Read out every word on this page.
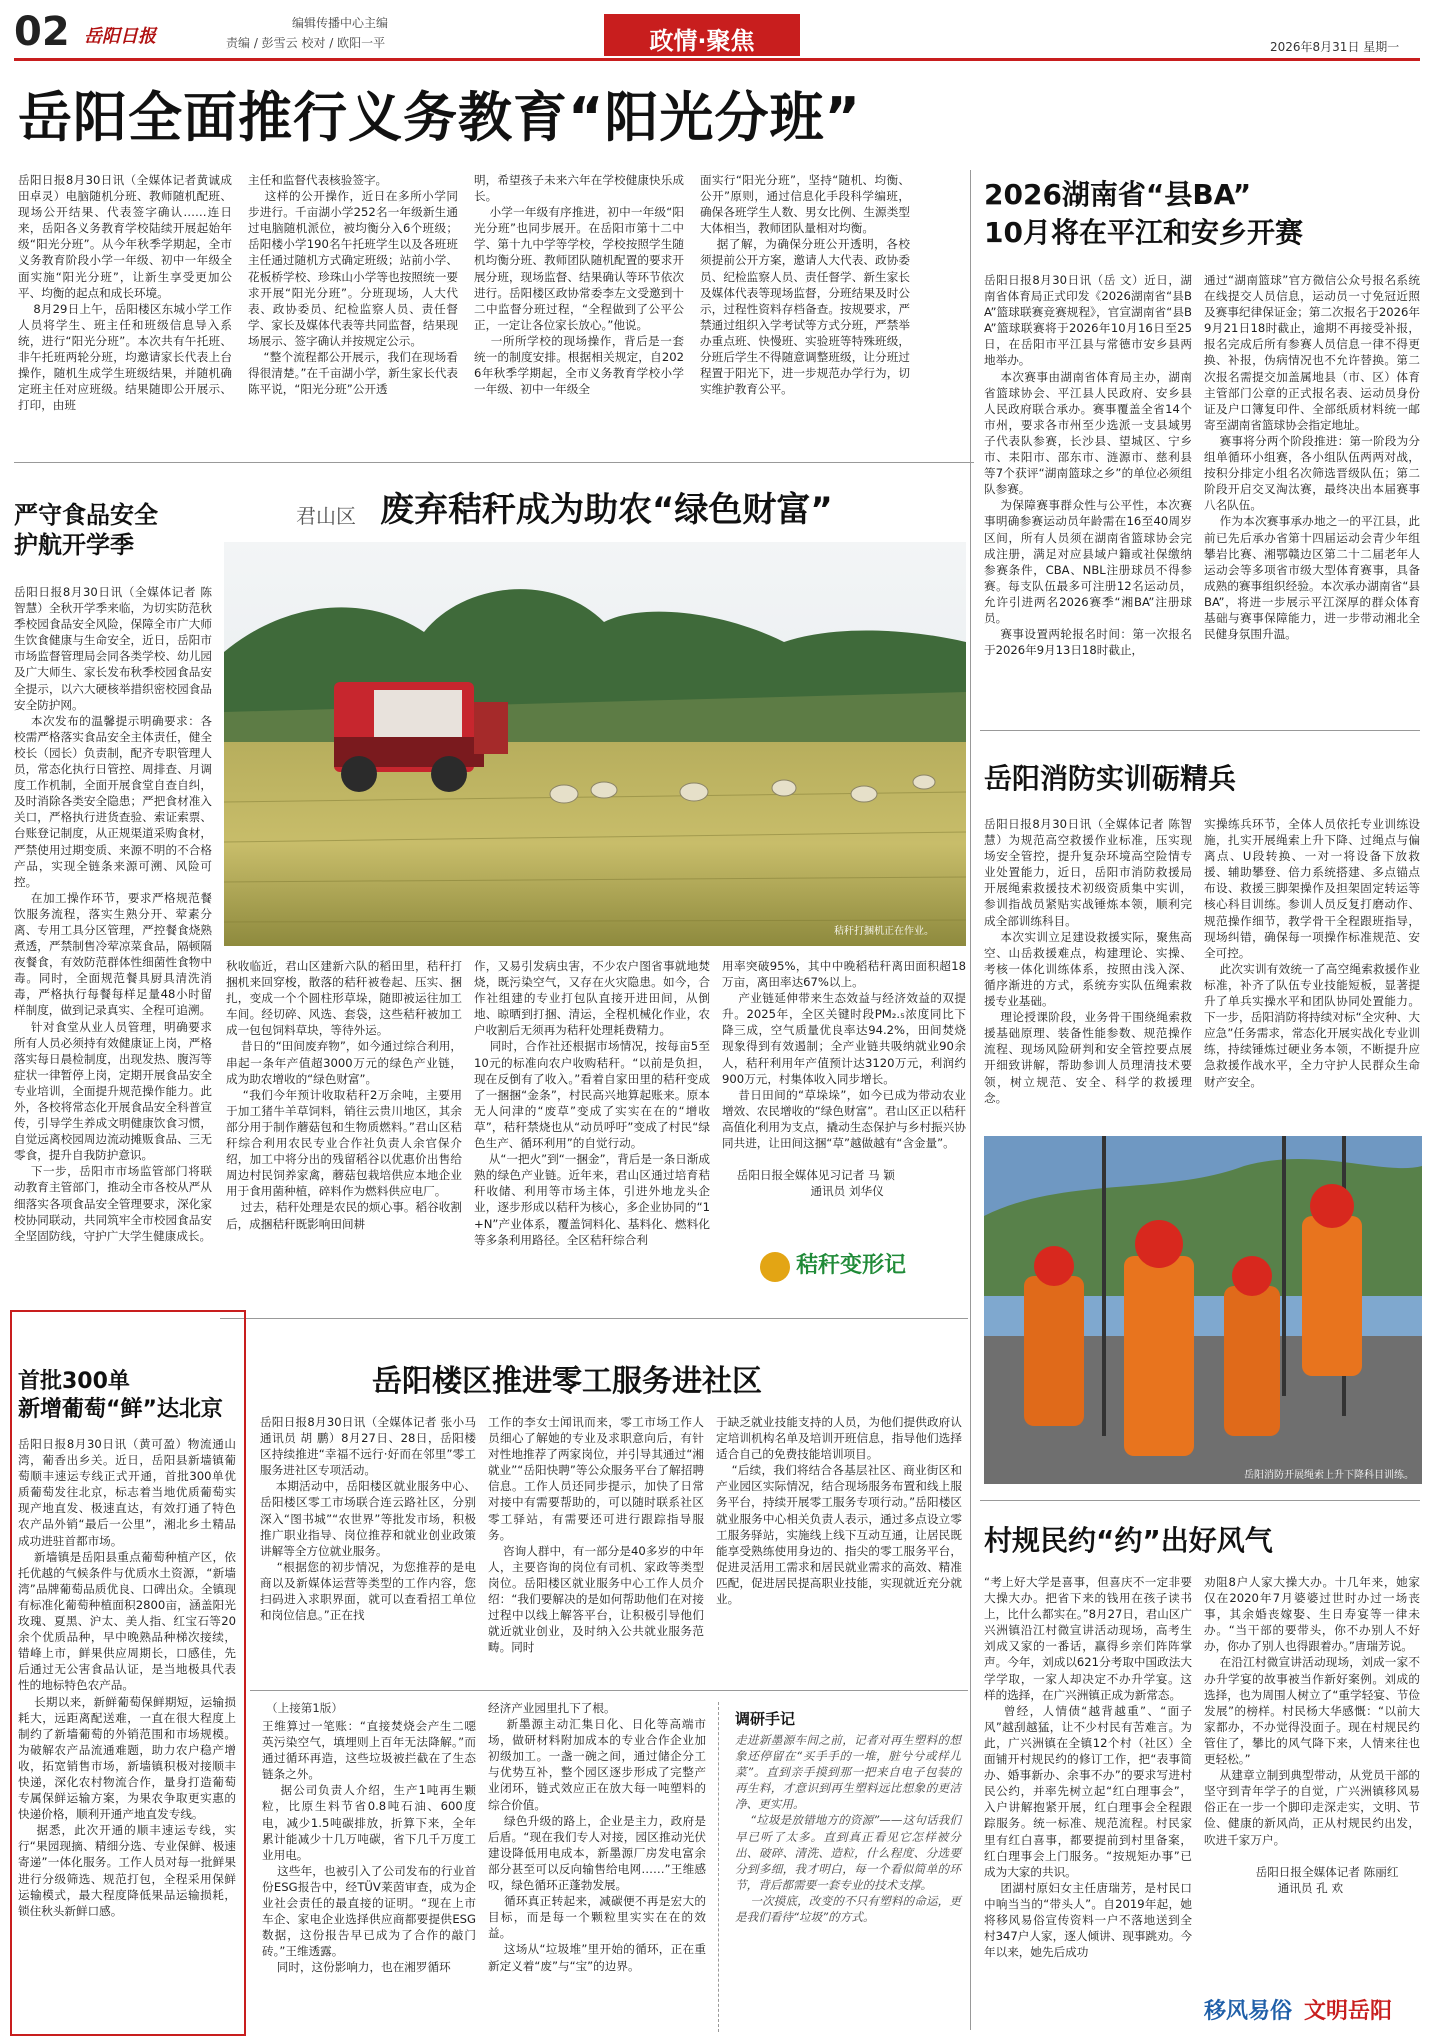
02 岳阳日报
编辑传播中心主编
责编 / 彭雪云 校对 / 欧阳一平	政情·聚焦	2026年8月31日 星期一
岳阳全面推行义务教育“阳光分班”
岳阳日报8月30日讯（全媒体记者黄诚成 田卓灵）电脑随机分班、教师随机配班、现场公开结果、代表签字确认……连日来，岳阳各义务教育学校陆续开展起始年级“阳光分班”。从今年秋季学期起，全市义务教育阶段小学一年级、初中一年级全面实施“阳光分班”，让新生享受更加公平、均衡的起点和成长环境。
8月29日上午，岳阳楼区东城小学工作人员将学生、班主任和班级信息导入系统，进行“阳光分班”。本次共有午托班、非午托班两轮分班，均邀请家长代表上台操作，随机生成学生班级结果，并随机确定班主任对应班级。结果随即公开展示、打印，由班
主任和监督代表核验签字。
这样的公开操作，近日在多所小学同步进行。千亩湖小学252名一年级新生通过电脑随机派位，被均衡分入6个班级；岳阳楼小学190名午托班学生以及各班班主任通过随机方式确定班级；站前小学、花板桥学校、珍珠山小学等也按照统一要求开展“阳光分班”。分班现场，人大代表、政协委员、纪检监察人员、责任督学、家长及媒体代表等共同监督，结果现场展示、签字确认并按规定公示。
“整个流程都公开展示，我们在现场看得很清楚。”在千亩湖小学，新生家长代表陈平说，“阳光分班”公开透
明，希望孩子未来六年在学校健康快乐成长。
小学一年级有序推进，初中一年级“阳光分班”也同步展开。在岳阳市第十二中学、第十九中学等学校，学校按照学生随机均衡分班、教师团队随机配置的要求开展分班，现场监督、结果确认等环节依次进行。岳阳楼区政协常委李左文受邀到十二中监督分班过程，“全程做到了公平公正，一定让各位家长放心。”他说。
一所所学校的现场操作，背后是一套统一的制度安排。根据相关规定，自2026年秋季学期起，全市义务教育学校小学一年级、初中一年级全
面实行“阳光分班”，坚持“随机、均衡、公开”原则，通过信息化手段科学编班，确保各班学生人数、男女比例、生源类型大体相当，教师团队量相对均衡。
据了解，为确保分班公开透明，各校须提前公开方案，邀请人大代表、政协委员、纪检监察人员、责任督学、新生家长及媒体代表等现场监督，分班结果及时公示，过程性资料存档备查。按规要求，严禁通过组织入学考试等方式分班，严禁举办重点班、快慢班、实验班等特殊班级，分班后学生不得随意调整班级，让分班过程置于阳光下，进一步规范办学行为，切实维护教育公平。
君山区 废弃秸秆成为助农“绿色财富”
秸秆打捆机正在作业。
秋收临近，君山区建新六队的稻田里，秸秆打捆机来回穿梭，散落的秸秆被卷起、压实、捆扎，变成一个个圆柱形草垛，随即被运往加工车间。经切碎、风选、套袋，这些秸秆被加工成一包包饲料草块，等待外运。
昔日的“田间废弃物”，如今通过综合利用，串起一条年产值超3000万元的绿色产业链，成为助农增收的“绿色财富”。
“我们今年预计收取秸秆2万余吨，主要用于加工猪牛羊草饲料，销往云贵川地区，其余部分用于制作蘑菇包和生物质燃料。”君山区秸秆综合利用农民专业合作社负责人余官保介绍，加工中将分出的残留稻谷以优惠价出售给周边村民饲养家禽，蘑菇包栽培供应本地企业用于食用菌种植，碎料作为燃料供应电厂。
过去，秸秆处理是农民的烦心事。稻谷收割后，成捆秸秆既影响田间耕
作，又易引发病虫害，不少农户图省事就地焚烧，既污染空气，又存在火灾隐患。如今，合作社组建的专业打包队直接开进田间，从倒地、晾晒到打捆、清运，全程机械化作业，农户收割后无须再为秸秆处理耗费精力。
同时，合作社还根据市场情况，按每亩5至10元的标准向农户收购秸秆。“以前是负担，现在反倒有了收入。”看着自家田里的秸秆变成了一捆捆“金条”，村民高兴地算起账来。原本无人问津的“废草”变成了实实在在的“增收草”，秸秆禁烧也从“动员呼吁”变成了村民“绿色生产、循环利用”的自觉行动。
从“一把火”到“一捆金”，背后是一条日渐成熟的绿色产业链。近年来，君山区通过培育秸秆收储、利用等市场主体，引进外地龙头企业，逐步形成以秸秆为核心，多企业协同的“1+N”产业体系，覆盖饲料化、基料化、燃料化等多条利用路径。全区秸秆综合利
用率突破95%，其中中晚稻秸秆离田面积超18万亩，离田率达67%以上。
产业链延伸带来生态效益与经济效益的双提升。2025年，全区关键时段PM₂.₅浓度同比下降三成，空气质量优良率达94.2%，田间焚烧现象得到有效遏制；全产业链共吸纳就业90余人，秸秆利用年产值预计达3120万元，利润约900万元，村集体收入同步增长。
昔日田间的“草垛垛”，如今已成为带动农业增效、农民增收的“绿色财富”。君山区正以秸秆高值化利用为支点，撬动生态保护与乡村振兴协同共进，让田间这捆“草”越做越有“含金量”。

岳阳日报全媒体见习记者 马 颖
通讯员 刘华仪
秸秆变形记
严守食品安全
护航开学季
岳阳日报8月30日讯（全媒体记者 陈智慧）全秋开学季来临，为切实防范秋季校园食品安全风险，保障全市广大师生饮食健康与生命安全，近日，岳阳市市场监督管理局会同各类学校、幼儿园及广大师生、家长发布秋季校园食品安全提示，以六大硬核举措织密校园食品安全防护网。
本次发布的温馨提示明确要求：各校需严格落实食品安全主体责任，健全校长（园长）负责制，配齐专职管理人员，常态化执行日管控、周排查、月调度工作机制，全面开展食堂自查自纠，及时消除各类安全隐患；严把食材准入关口，严格执行进货查验、索证索票、台账登记制度，从正规渠道采购食材，严禁使用过期变质、来源不明的不合格产品，实现全链条来源可溯、风险可控。
在加工操作环节，要求严格规范餐饮服务流程，落实生熟分开、荤素分离、专用工具分区管理，严控餐食烧熟煮透，严禁制售冷荤凉菜食品，隔顿隔夜餐食，有效防范群体性细菌性食物中毒。同时，全面规范餐具厨具清洗消毒，严格执行每餐每样足量48小时留样制度，做到记录真实、全程可追溯。
针对食堂从业人员管理，明确要求所有人员必须持有效健康证上岗，严格落实每日晨检制度，出现发热、腹泻等症状一律暂停上岗，定期开展食品安全专业培训，全面提升规范操作能力。此外，各校将常态化开展食品安全科普宣传，引导学生养成文明健康饮食习惯，自觉远离校园周边流动摊贩食品、三无零食，提升自我防护意识。
下一步，岳阳市市场监管部门将联动教育主管部门，推动全市各校从严从细落实各项食品安全管理要求，深化家校协同联动，共同筑牢全市校园食品安全坚固防线，守护广大学生健康成长。
首批300单
新增葡萄“鲜”达北京
岳阳日报8月30日讯（黄可盈）物流通山湾，葡香出乡关。近日，岳阳县新墙镇葡萄顺丰速运专线正式开通，首批300单优质葡萄发往北京，标志着当地优质葡萄实现产地直发、极速直达，有效打通了特色农产品外销“最后一公里”，湘北乡土精品成功进驻首都市场。
新墙镇是岳阳县重点葡萄种植产区，依托优越的气候条件与优质水土资源，“新墙湾”品牌葡萄品质优良、口碑出众。全镇现有标准化葡萄种植面积2800亩，涵盖阳光玫瑰、夏黑、沪太、美人指、红宝石等20余个优质品种，早中晚熟品种梯次接续，错峰上市，鲜果供应周期长，口感佳，先后通过无公害食品认证，是当地极具代表性的地标特色农产品。
长期以来，新鲜葡萄保鲜期短，运输损耗大，远距离配送难，一直在很大程度上制约了新墙葡萄的外销范围和市场规模。为破解农产品流通难题，助力农户稳产增收，拓宽销售市场，新墙镇积极对接顺丰快递，深化农村物流合作，量身打造葡萄专属保鲜运输方案，为果农争取更实惠的快递价格，顺利开通产地直发专线。
据悉，此次开通的顺丰速运专线，实行“果园现摘、精细分选、专业保鲜、极速寄递”一体化服务。工作人员对每一批鲜果进行分级筛选、规范打包，全程采用保鲜运输模式，最大程度降低果品运输损耗，锁住秋头新鲜口感。
岳阳楼区推进零工服务进社区
岳阳日报8月30日讯（全媒体记者 张小马 通讯员 胡 鹏）8月27日、28日，岳阳楼区持续推进“幸福不远行·好而在邻里”零工服务进社区专项活动。
本期活动中，岳阳楼区就业服务中心、岳阳楼区零工市场联合连云路社区，分别深入“图书城”“农世界”等批发市场，积极推广职业指导、岗位推荐和就业创业政策讲解等全方位就业服务。
“根据您的初步情况，为您推荐的是电商以及新媒体运营等类型的工作内容，您扫码进入求职界面，就可以查看招工单位和岗位信息。”正在找
工作的李女士闻讯而来，零工市场工作人员细心了解她的专业及求职意向后，有针对性地推荐了两家岗位，并引导其通过“湘就业”“岳阳快聘”等公众服务平台了解招聘信息。工作人员还同步提示，加快了日常对接中有需要帮助的，可以随时联系社区零工驿站，有需要还可进行跟踪指导服务。
咨询人群中，有一部分是40多岁的中年人，主要咨询的岗位有司机、家政等类型岗位。岳阳楼区就业服务中心工作人员介绍：“我们要解决的是如何帮助他们在对接过程中以线上解答平台，让积极引导他们就近就业创业，及时纳入公共就业服务范畴。同时
于缺乏就业技能支持的人员，为他们提供政府认定培训机构名单及培训开班信息，指导他们选择适合自己的免费技能培训项目。
“后续，我们将结合各基层社区、商业街区和产业园区实际情况，结合现场服务布置和线上服务平台，持续开展零工服务专项行动。”岳阳楼区就业服务中心相关负责人表示，通过多点设立零工服务驿站，实施线上线下互动互通，让居民既能享受熟练使用身边的、指尖的零工服务平台，促进灵活用工需求和居民就业需求的高效、精准匹配，促进居民提高职业技能，实现就近充分就业。
（上接第1版）
王维算过一笔账：“直接焚烧会产生二噁英污染空气，填埋则上百年无法降解。”而通过循环再造，这些垃圾被拦截在了生态链条之外。
据公司负责人介绍，生产1吨再生颗粒，比原生料节省0.8吨石油、600度电，减少1.5吨碳排放，折算下来，全年累计能减少十几万吨碳，省下几千万度工业用电。
这些年，也被引入了公司发布的行业首份ESG报告中，经TÜV莱茵审查，成为企业社会责任的最直接的证明。“现在上市车企、家电企业选择供应商都要提供ESG数据，这份报告早已成为了合作的敲门砖。”王维透露。
同时，这份影响力，也在湘罗循环
经济产业园里扎下了根。
新墨源主动汇集日化、日化等高端市场，做研材料附加成本的专业合作企业加初级加工。一盏一碗之间，通过储企分工与优势互补，整个园区逐步形成了完整产业闭环，链式效应正在放大每一吨塑料的综合价值。
绿色升级的路上，企业是主力，政府是后盾。“现在我们专人对接，园区推动光伏建设降低用电成本，新墨源厂房发电富余部分甚至可以反向输售给电网……”王维感叹，绿色循环正蓬勃发展。
循环真正转起来，减碳便不再是宏大的目标，而是每一个颗粒里实实在在的效益。
这场从“垃圾堆”里开始的循环，正在重新定义着“废”与“宝”的边界。
调研手记
走进新墨源车间之前，记者对再生塑料的想象还停留在“买手手的一堆，脏兮兮或样儿菜”。直到亲手摸到那一把来自电子包装的再生料，才意识到再生塑料远比想象的更洁净、更实用。
“垃圾是放错地方的资源”——这句话我们早已听了太多。直到真正看见它怎样被分出、破碎、清洗、造粒，什么程度、分选要分到多细，我才明白，每一个看似简单的环节，背后都需要一套专业的技术支撑。
一次摸底，改变的不只有塑料的命运，更是我们看待“垃圾”的方式。
2026湖南省“县BA”
10月将在平江和安乡开赛
岳阳日报8月30日讯（岳 文）近日，湖南省体育局正式印发《2026湖南省“县BA”篮球联赛竞赛规程》，官宣湖南省“县BA”篮球联赛将于2026年10月16日至25日，在岳阳市平江县与常德市安乡县两地举办。
本次赛事由湖南省体育局主办，湖南省篮球协会、平江县人民政府、安乡县人民政府联合承办。赛事覆盖全省14个市州，要求各市州至少选派一支县域男子代表队参赛，长沙县、望城区、宁乡市、耒阳市、邵东市、涟源市、慈利县等7个获评“湖南篮球之乡”的单位必须组队参赛。
为保障赛事群众性与公平性，本次赛事明确参赛运动员年龄需在16至40周岁区间，所有人员须在湖南省篮球协会完成注册，满足对应县域户籍或社保缴纳参赛条件，CBA、NBL注册球员不得参赛。每支队伍最多可注册12名运动员，允许引进两名2026赛季“湘BA”注册球员。
赛事设置两轮报名时间：第一次报名于2026年9月13日18时截止，
通过“湖南篮球”官方微信公众号报名系统在线提交人员信息，运动员一寸免冠近照及赛事纪律保证金；第二次报名于2026年9月21日18时截止，逾期不再接受补报，报名完成后所有参赛人员信息一律不得更换、补报，伪病情况也不允许替换。第二次报名需提交加盖属地县（市、区）体育主管部门公章的正式报名表、运动员身份证及户口簿复印件、全部纸质材料统一邮寄至湖南省篮球协会指定地址。
赛事将分两个阶段推进：第一阶段为分组单循环小组赛，各小组队伍两两对战，按积分排定小组名次筛选晋级队伍；第二阶段开启交叉淘汰赛，最终决出本届赛事八名队伍。
作为本次赛事承办地之一的平江县，此前已先后承办省第十四届运动会青少年组攀岩比赛、湘鄂赣边区第二十二届老年人运动会等多项省市级大型体育赛事，具备成熟的赛事组织经验。本次承办湖南省“县BA”，将进一步展示平江深厚的群众体育基础与赛事保障能力，进一步带动湘北全民健身氛围升温。
岳阳消防实训砺精兵
岳阳日报8月30日讯（全媒体记者 陈智慧）为规范高空救援作业标准，压实现场安全管控，提升复杂环境高空险情专业处置能力，近日，岳阳市消防救援局开展绳索救援技术初级资质集中实训，参训指战员紧贴实战锤炼本领，顺利完成全部训练科目。
本次实训立足建设救援实际，聚焦高空、山岳救援难点，构建理论、实操、考核一体化训练体系，按照由浅入深、循序渐进的方式，系统夯实队伍绳索救援专业基础。
理论授课阶段，业务骨干围绕绳索救援基础原理、装备性能参数、规范操作流程、现场风险研判和安全管控要点展开细致讲解，帮助参训人员理清技术要领，树立规范、安全、科学的救援理念。
实操练兵环节，全体人员依托专业训练设施，扎实开展绳索上升下降、过绳点与偏离点、U段转换、一对一将设备下放救援、辅助攀登、倍力系统搭建、多点锚点布设、救援三脚架操作及担架固定转运等核心科目训练。参训人员反复打磨动作、规范操作细节，教学骨干全程跟班指导，现场纠错，确保每一项操作标准规范、安全可控。
此次实训有效统一了高空绳索救援作业标准，补齐了队伍专业技能短板，显著提升了单兵实操水平和团队协同处置能力。下一步，岳阳消防将持续对标“全灾种、大应急”任务需求，常态化开展实战化专业训练，持续锤炼过硬业务本领，不断提升应急救援作战水平，全力守护人民群众生命财产安全。
岳阳消防开展绳索上升下降科目训练。
村规民约“约”出好风气
“考上好大学是喜事，但喜庆不一定非要大操大办。把省下来的钱用在孩子读书上，比什么都实在。”8月27日，君山区广兴洲镇沿江村微宣讲活动现场，高考生刘成又家的一番话，赢得乡亲们阵阵掌声。今年，刘成以621分考取中国政法大学学取，一家人却决定不办升学宴。这样的选择，在广兴洲镇正成为新常态。
曾经，人情债“越背越重”、“面子风”越刮越猛，让不少村民有苦难言。为此，广兴洲镇在全镇12个村（社区）全面铺开村规民约的修订工作，把“表事简办、婚事新办、余事不办”的要求写进村民公约，并率先树立起“红白理事会”，入户讲解抱紧开展，红白理事会全程跟踪服务。统一标准、规范流程。村民家里有红白喜事，都要提前到村里备案，红白理事会上门服务。“按规矩办事”已成为大家的共识。
团湖村原妇女主任唐瑞芳，是村民口中响当当的“带头人”。自2019年起，她将移风易俗宣传资料一户不落地送到全村347户人家，逐人倾讲、现事跳劝。今年以来，她先后成功
劝阻8户人家大操大办。十几年来，她家仅在2020年7月婆婆过世时办过一场丧事，其余婚丧嫁娶、生日寿宴等一律未办。“当干部的要带头，你不办别人不好办，你办了别人也得跟着办。”唐瑞芳说。
在沿江村微宣讲活动现场，刘成一家不办升学宴的故事被当作新好案例。刘成的选择，也为周围人树立了“重学轻宴、节俭发展”的榜样。村民杨大华感慨：“以前大家都办，不办觉得没面子。现在村规民约管住了，攀比的风气降下来，人情来往也更轻松。”
从建章立制到典型带动，从党员干部的坚守到青年学子的自觉，广兴洲镇移风易俗正在一步一个脚印走深走实，文明、节俭、健康的新风尚，正从村规民约出发，吹进千家万户。

岳阳日报全媒体记者 陈丽红
通讯员 孔 欢
移风易俗 文明岳阳
